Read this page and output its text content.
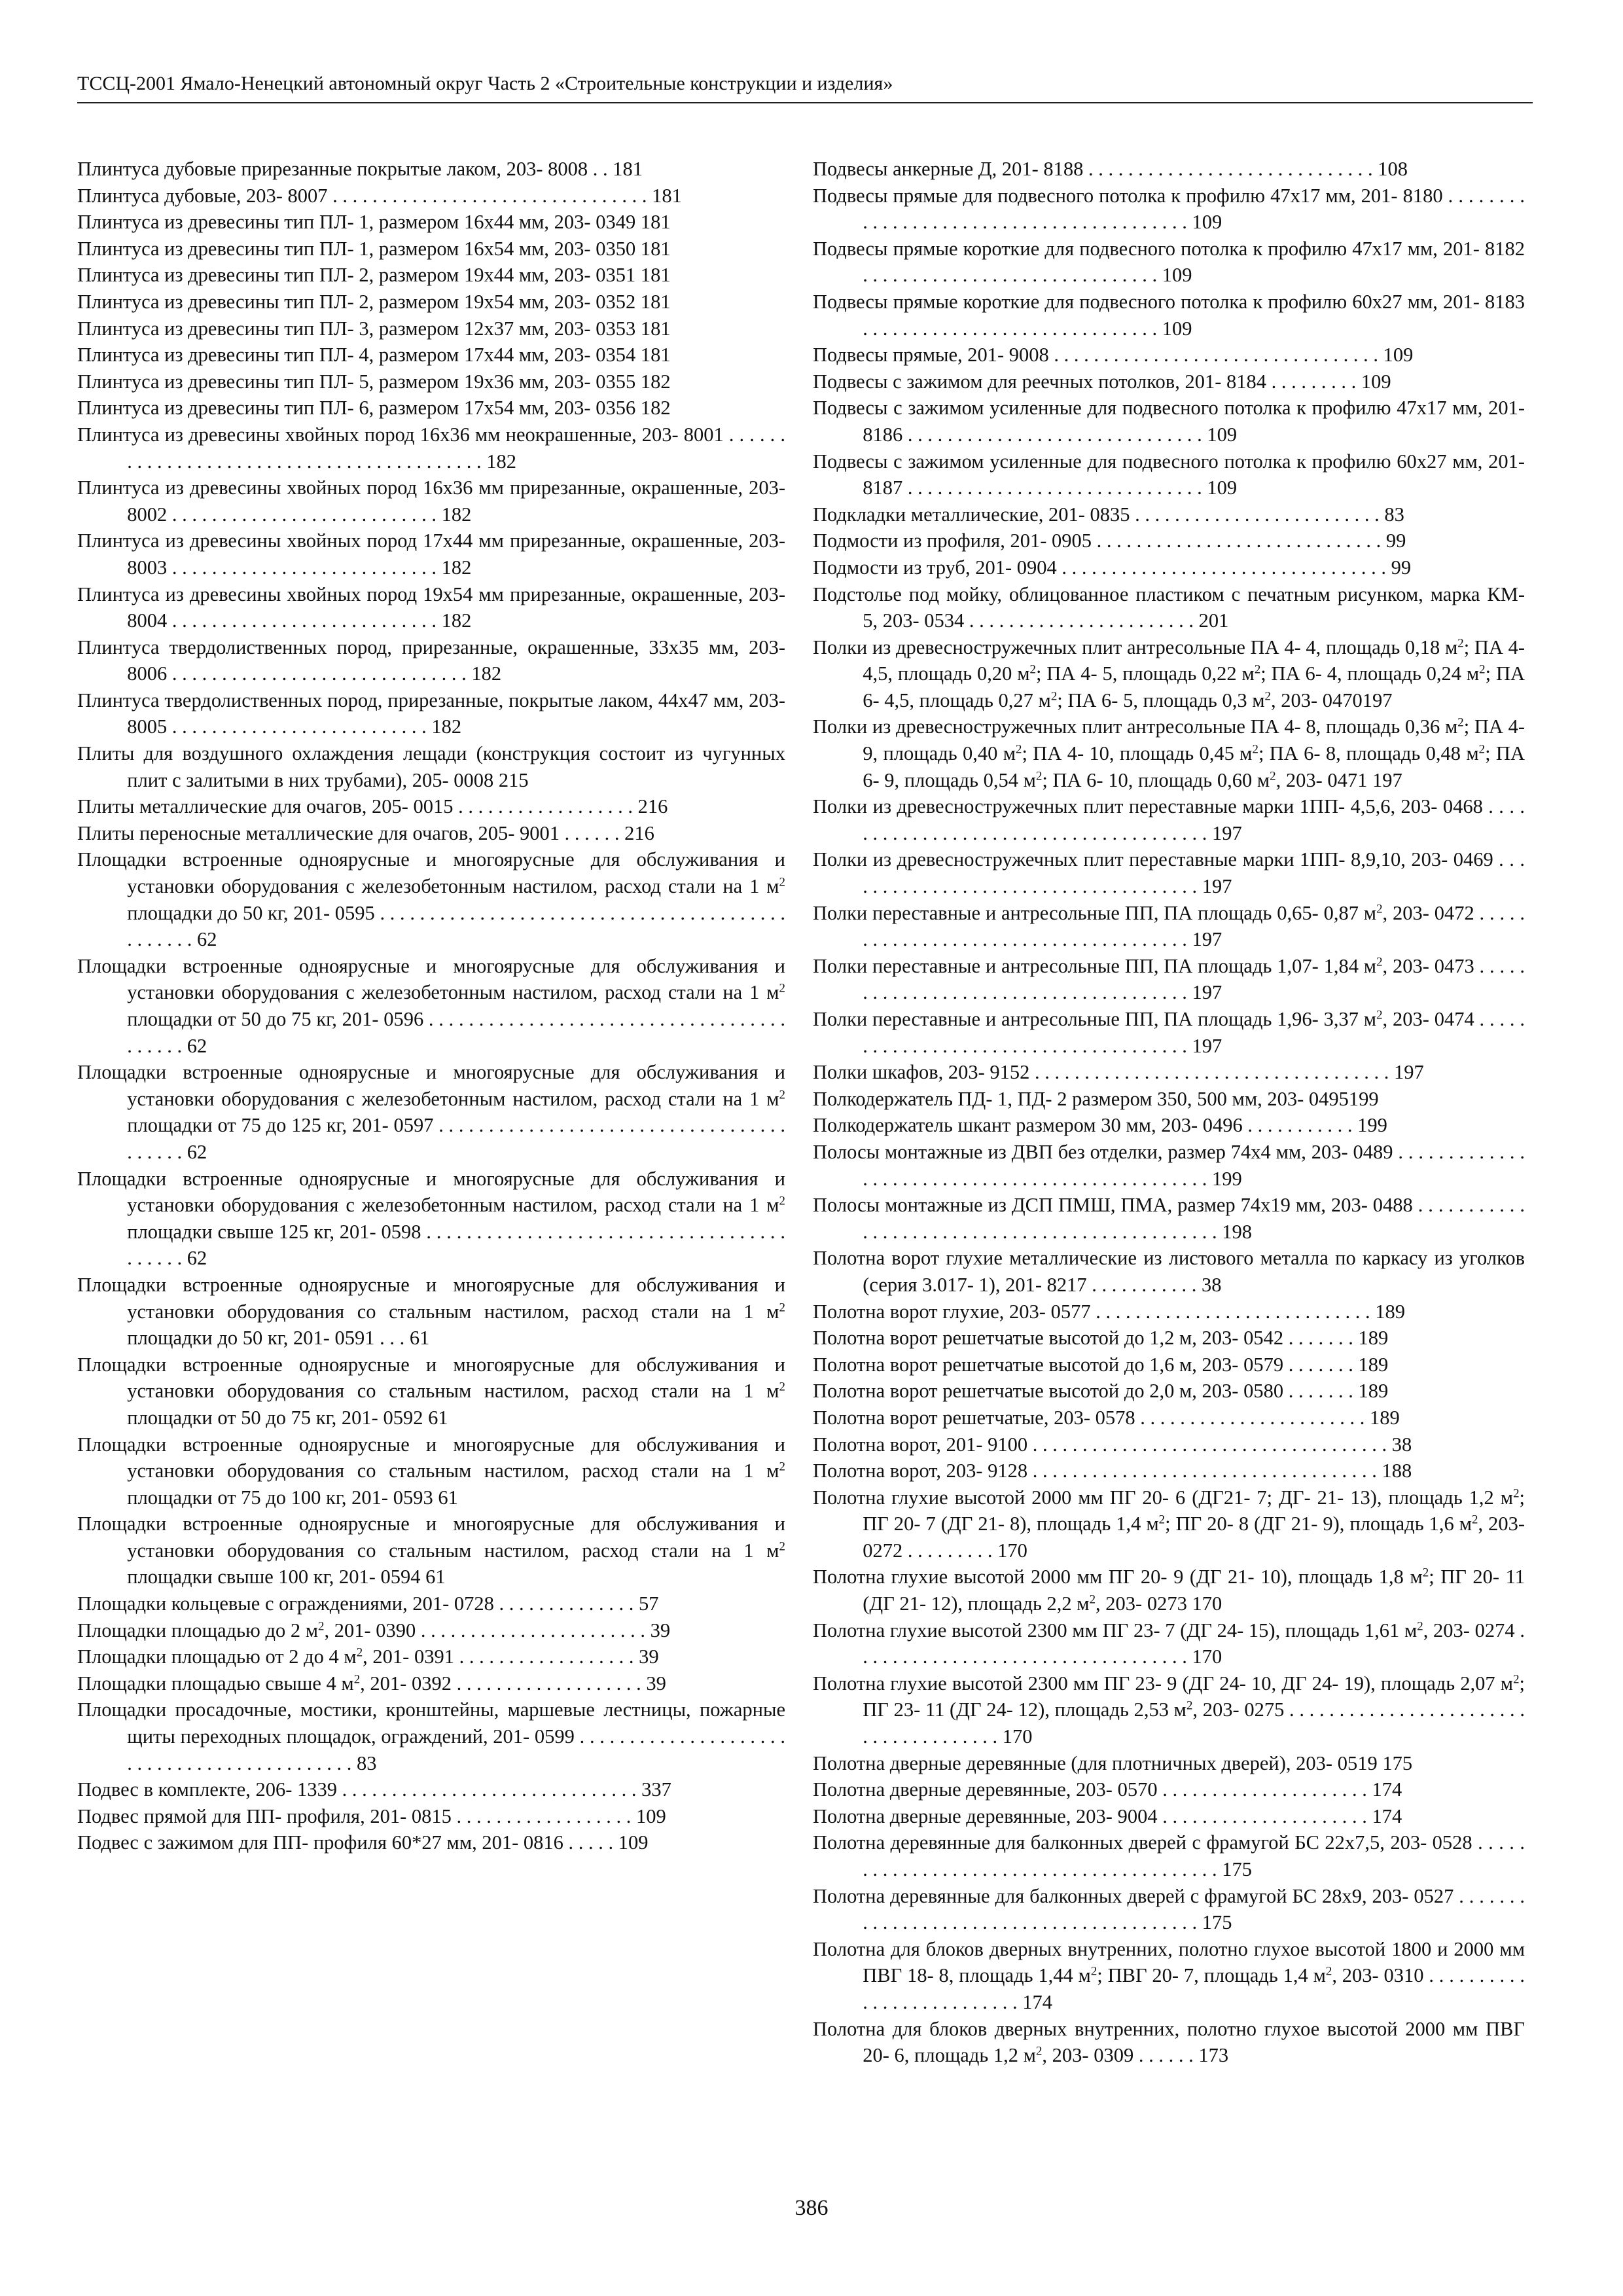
ТССЦ-2001 Ямало-Ненецкий автономный округ Часть 2 «Строительные конструкции и изделия»
Плинтуса дубовые прирезанные покрытые лаком, 203- 8008 . . 181
Плинтуса дубовые, 203- 8007 . . . . . . . . . . . . . . . . . . . . . . . . . . . . . . . . 181
Плинтуса из древесины тип ПЛ- 1, размером 16х44 мм, 203- 0349 181
Плинтуса из древесины тип ПЛ- 1, размером 16х54 мм, 203- 0350 181
Плинтуса из древесины тип ПЛ- 2, размером 19х44 мм, 203- 0351 181
Плинтуса из древесины тип ПЛ- 2, размером 19х54 мм, 203- 0352 181
Плинтуса из древесины тип ПЛ- 3, размером 12х37 мм, 203- 0353 181
Плинтуса из древесины тип ПЛ- 4, размером 17х44 мм, 203- 0354 181
Плинтуса из древесины тип ПЛ- 5, размером 19х36 мм, 203- 0355 182
Плинтуса из древесины тип ПЛ- 6, размером 17х54 мм, 203- 0356 182
Плинтуса из древесины хвойных пород 16х36 мм неокрашенные, 203- 8001 . . . . . . . . . . . . . . . . . . . . . . . . . . . . . . . . . . . . . . . . . . 182
Плинтуса из древесины хвойных пород 16х36 мм прирезанные, окрашенные, 203- 8002 . . . . . . . . . . . . . . . . . . . . . . . . . . . 182
Плинтуса из древесины хвойных пород 17х44 мм прирезанные, окрашенные, 203- 8003 . . . . . . . . . . . . . . . . . . . . . . . . . . . 182
Плинтуса из древесины хвойных пород 19х54 мм прирезанные, окрашенные, 203- 8004 . . . . . . . . . . . . . . . . . . . . . . . . . . . 182
Плинтуса твердолиственных пород, прирезанные, окрашенные, 33х35 мм, 203- 8006 . . . . . . . . . . . . . . . . . . . . . . . . . . . . . . 182
Плинтуса твердолиственных пород, прирезанные, покрытые лаком, 44х47 мм, 203- 8005 . . . . . . . . . . . . . . . . . . . . . . . . . . 182
Плиты для воздушного охлаждения лещади (конструкция состоит из чугунных плит с залитыми в них трубами), 205- 0008 215
Плиты металлические для очагов, 205- 0015 . . . . . . . . . . . . . . . . . . 216
Плиты переносные металлические для очагов, 205- 9001 . . . . . . 216
Площадки встроенные одноярусные и многоярусные для обслуживания и установки оборудования с железобетонным настилом, расход стали на 1 $м^2$ площадки до 50 кг, 201- 0595 . . . . . . . . . . . . . . . . . . . . . . . . . . . . . . . . . . . . . . . . . . . . . . . . 62
Площадки встроенные одноярусные и многоярусные для обслуживания и установки оборудования с железобетонным настилом, расход стали на 1 $м^2$ площадки от 50 до 75 кг, 201- 0596 . . . . . . . . . . . . . . . . . . . . . . . . . . . . . . . . . . . . . . . . . . 62
Площадки встроенные одноярусные и многоярусные для обслуживания и установки оборудования с железобетонным настилом, расход стали на 1 $м^2$ площадки от 75 до 125 кг, 201- 0597 . . . . . . . . . . . . . . . . . . . . . . . . . . . . . . . . . . . . . . . . . 62
Площадки встроенные одноярусные и многоярусные для обслуживания и установки оборудования с железобетонным настилом, расход стали на 1 $м^2$ площадки свыше 125 кг, 201- 0598 . . . . . . . . . . . . . . . . . . . . . . . . . . . . . . . . . . . . . . . . . . 62
Площадки встроенные одноярусные и многоярусные для обслуживания и установки оборудования со стальным настилом, расход стали на 1 $м^2$ площадки до 50 кг, 201- 0591 . . . 61
Площадки встроенные одноярусные и многоярусные для обслуживания и установки оборудования со стальным настилом, расход стали на 1 $м^2$ площадки от 50 до 75 кг, 201- 0592 61
Площадки встроенные одноярусные и многоярусные для обслуживания и установки оборудования со стальным настилом, расход стали на 1 $м^2$ площадки от 75 до 100 кг, 201- 0593 61
Площадки встроенные одноярусные и многоярусные для обслуживания и установки оборудования со стальным настилом, расход стали на 1 $м^2$ площадки свыше 100 кг, 201- 0594 61
Площадки кольцевые с ограждениями, 201- 0728 . . . . . . . . . . . . . . 57
Площадки площадью до 2 $м^2$, 201- 0390 . . . . . . . . . . . . . . . . . . . . . . . 39
Площадки площадью от 2 до 4 $м^2$, 201- 0391 . . . . . . . . . . . . . . . . . . 39
Площадки площадью свыше 4 $м^2$, 201- 0392 . . . . . . . . . . . . . . . . . . . 39
Площадки просадочные, мостики, кронштейны, маршевые лестницы, пожарные щиты переходных площадок, ограждений, 201- 0599 . . . . . . . . . . . . . . . . . . . . . . . . . . . . . . . . . . . . . . . . . . . . 83
Подвес в комплекте, 206- 1339 . . . . . . . . . . . . . . . . . . . . . . . . . . . . . . 337
Подвес прямой для ПП- профиля, 201- 0815 . . . . . . . . . . . . . . . . . . 109
Подвес с зажимом для ПП- профиля 60*27 мм, 201- 0816 . . . . . 109
Подвесы анкерные Д, 201- 8188 . . . . . . . . . . . . . . . . . . . . . . . . . . . . . 108
Подвесы прямые для подвесного потолка к профилю 47х17 мм, 201- 8180 . . . . . . . . . . . . . . . . . . . . . . . . . . . . . . . . . . . . . . . . . 109
Подвесы прямые короткие для подвесного потолка к профилю 47х17 мм, 201- 8182 . . . . . . . . . . . . . . . . . . . . . . . . . . . . . . 109
Подвесы прямые короткие для подвесного потолка к профилю 60х27 мм, 201- 8183 . . . . . . . . . . . . . . . . . . . . . . . . . . . . . . 109
Подвесы прямые, 201- 9008 . . . . . . . . . . . . . . . . . . . . . . . . . . . . . . . . . 109
Подвесы с зажимом для реечных потолков, 201- 8184 . . . . . . . . . 109
Подвесы с зажимом усиленные для подвесного потолка к профилю 47х17 мм, 201- 8186 . . . . . . . . . . . . . . . . . . . . . . . . . . . . . . 109
Подвесы с зажимом усиленные для подвесного потолка к профилю 60х27 мм, 201- 8187 . . . . . . . . . . . . . . . . . . . . . . . . . . . . . . 109
Подкладки металлические, 201- 0835 . . . . . . . . . . . . . . . . . . . . . . . . . 83
Подмости из профиля, 201- 0905 . . . . . . . . . . . . . . . . . . . . . . . . . . . . . 99
Подмости из труб, 201- 0904 . . . . . . . . . . . . . . . . . . . . . . . . . . . . . . . . . 99
Подстолье под мойку, облицованное пластиком с печатным рисунком, марка КМ- 5, 203- 0534 . . . . . . . . . . . . . . . . . . . . . . . 201
Полки из древесностружечных плит антресольные ПА 4- 4, площадь 0,18 $м^2$; ПА 4- 4,5, площадь 0,20 $м^2$; ПА 4- 5, площадь 0,22 $м^2$; ПА 6- 4, площадь 0,24 $м^2$; ПА 6- 4,5, площадь 0,27 $м^2$; ПА 6- 5, площадь 0,3 $м^2$, 203- 0470197
Полки из древесностружечных плит антресольные ПА 4- 8, площадь 0,36 $м^2$; ПА 4- 9, площадь 0,40 $м^2$; ПА 4- 10, площадь 0,45 $м^2$; ПА 6- 8, площадь 0,48 $м^2$; ПА 6- 9, площадь 0,54 $м^2$; ПА 6- 10, площадь 0,60 $м^2$, 203- 0471 197
Полки из древесностружечных плит переставные марки 1ПП- 4,5,6, 203- 0468 . . . . . . . . . . . . . . . . . . . . . . . . . . . . . . . . . . . . . . . 197
Полки из древесностружечных плит переставные марки 1ПП- 8,9,10, 203- 0469 . . . . . . . . . . . . . . . . . . . . . . . . . . . . . . . . . . . . . 197
Полки переставные и антресольные ПП, ПА площадь 0,65- 0,87 $м^2$, 203- 0472 . . . . . . . . . . . . . . . . . . . . . . . . . . . . . . . . . . . . . . 197
Полки переставные и антресольные ПП, ПА площадь 1,07- 1,84 $м^2$, 203- 0473 . . . . . . . . . . . . . . . . . . . . . . . . . . . . . . . . . . . . . . 197
Полки переставные и антресольные ПП, ПА площадь 1,96- 3,37 $м^2$, 203- 0474 . . . . . . . . . . . . . . . . . . . . . . . . . . . . . . . . . . . . . . 197
Полки шкафов, 203- 9152 . . . . . . . . . . . . . . . . . . . . . . . . . . . . . . . . . . . . 197
Полкодержатель ПД- 1, ПД- 2 размером 350, 500 мм, 203- 0495199
Полкодержатель шкант размером 30 мм, 203- 0496 . . . . . . . . . . . 199
Полосы монтажные из ДВП без отделки, размер 74х4 мм, 203- 0489 . . . . . . . . . . . . . . . . . . . . . . . . . . . . . . . . . . . . . . . . . . . . . . . . 199
Полосы монтажные из ДСП ПМШ, ПМА, размер 74х19 мм, 203- 0488 . . . . . . . . . . . . . . . . . . . . . . . . . . . . . . . . . . . . . . . . . . . . . . . 198
Полотна ворот глухие металлические из листового металла по каркасу из уголков (серия 3.017- 1), 201- 8217 . . . . . . . . . . . 38
Полотна ворот глухие, 203- 0577 . . . . . . . . . . . . . . . . . . . . . . . . . . . . 189
Полотна ворот решетчатые высотой до 1,2 м, 203- 0542 . . . . . . . 189
Полотна ворот решетчатые высотой до 1,6 м, 203- 0579 . . . . . . . 189
Полотна ворот решетчатые высотой до 2,0 м, 203- 0580 . . . . . . . 189
Полотна ворот решетчатые, 203- 0578 . . . . . . . . . . . . . . . . . . . . . . . 189
Полотна ворот, 201- 9100 . . . . . . . . . . . . . . . . . . . . . . . . . . . . . . . . . . . . 38
Полотна ворот, 203- 9128 . . . . . . . . . . . . . . . . . . . . . . . . . . . . . . . . . . . 188
Полотна глухие высотой 2000 мм ПГ 20- 6 (ДГ21- 7; ДГ- 21- 13), площадь 1,2 $м^2$; ПГ 20- 7 (ДГ 21- 8), площадь 1,4 $м^2$; ПГ 20- 8 (ДГ 21- 9), площадь 1,6 $м^2$, 203- 0272 . . . . . . . . . 170
Полотна глухие высотой 2000 мм ПГ 20- 9 (ДГ 21- 10), площадь 1,8 $м^2$; ПГ 20- 11 (ДГ 21- 12), площадь 2,2 $м^2$, 203- 0273 170
Полотна глухие высотой 2300 мм ПГ 23- 7 (ДГ 24- 15), площадь 1,61 $м^2$, 203- 0274 . . . . . . . . . . . . . . . . . . . . . . . . . . . . . . . . . . 170
Полотна глухие высотой 2300 мм ПГ 23- 9 (ДГ 24- 10, ДГ 24- 19), площадь 2,07 $м^2$; ПГ 23- 11 (ДГ 24- 12), площадь 2,53 $м^2$, 203- 0275 . . . . . . . . . . . . . . . . . . . . . . . . . . . . . . . . . . . . . . 170
Полотна дверные деревянные (для плотничных дверей), 203- 0519 175
Полотна дверные деревянные, 203- 0570 . . . . . . . . . . . . . . . . . . . . . 174
Полотна дверные деревянные, 203- 9004 . . . . . . . . . . . . . . . . . . . . . 174
Полотна деревянные для балконных дверей с фрамугой БС 22х7,5, 203- 0528 . . . . . . . . . . . . . . . . . . . . . . . . . . . . . . . . . . . . . . . . . 175
Полотна деревянные для балконных дверей с фрамугой БС 28х9, 203- 0527 . . . . . . . . . . . . . . . . . . . . . . . . . . . . . . . . . . . . . . . . . 175
Полотна для блоков дверных внутренних, полотно глухое высотой 1800 и 2000 мм ПВГ 18- 8, площадь 1,44 $м^2$; ПВГ 20- 7, площадь 1,4 $м^2$, 203- 0310 . . . . . . . . . . . . . . . . . . . . . . . . . . 174
Полотна для блоков дверных внутренних, полотно глухое высотой 2000 мм ПВГ 20- 6, площадь 1,2 $м^2$, 203- 0309 . . . . . . 173
386
